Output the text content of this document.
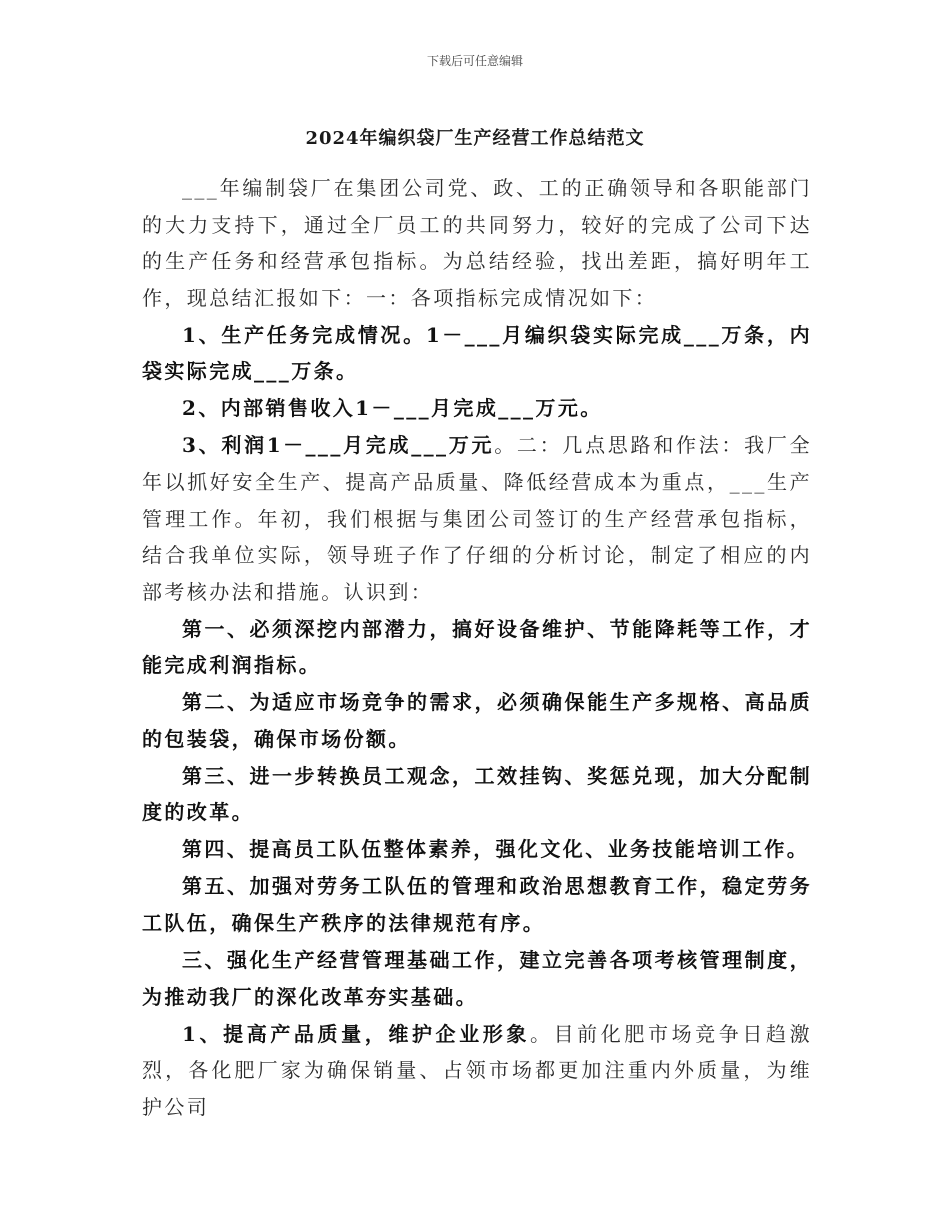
下载后可任意编辑
2024年编织袋厂生产经营工作总结范文

___年编制袋厂在集团公司党、政、工的正确领导和各职能部门的大力支持下，通过全厂员工的共同努力，较好的完成了公司下达的生产任务和经营承包指标。为总结经验，找出差距，搞好明年工作，现总结汇报如下：一：各项指标完成情况如下：

1、生产任务完成情况。1－___月编织袋实际完成___万条，内袋实际完成___万条。

2、内部销售收入1－___月完成___万元。

3、利润1－___月完成___万元。二：几点思路和作法：我厂全年以抓好安全生产、提高产品质量、降低经营成本为重点，___生产管理工作。年初，我们根据与集团公司签订的生产经营承包指标，结合我单位实际，领导班子作了仔细的分析讨论，制定了相应的内部考核办法和措施。认识到：

第一、必须深挖内部潜力，搞好设备维护、节能降耗等工作，才能完成利润指标。

第二、为适应市场竞争的需求，必须确保能生产多规格、高品质的包装袋，确保市场份额。

第三、进一步转换员工观念，工效挂钩、奖惩兑现，加大分配制度的改革。

第四、提高员工队伍整体素养，强化文化、业务技能培训工作。

第五、加强对劳务工队伍的管理和政治思想教育工作，稳定劳务工队伍，确保生产秩序的法律规范有序。

三、强化生产经营管理基础工作，建立完善各项考核管理制度，为推动我厂的深化改革夯实基础。

1、提高产品质量，维护企业形象。目前化肥市场竞争日趋激烈，各化肥厂家为确保销量、占领市场都更加注重内外质量，为维护公司
